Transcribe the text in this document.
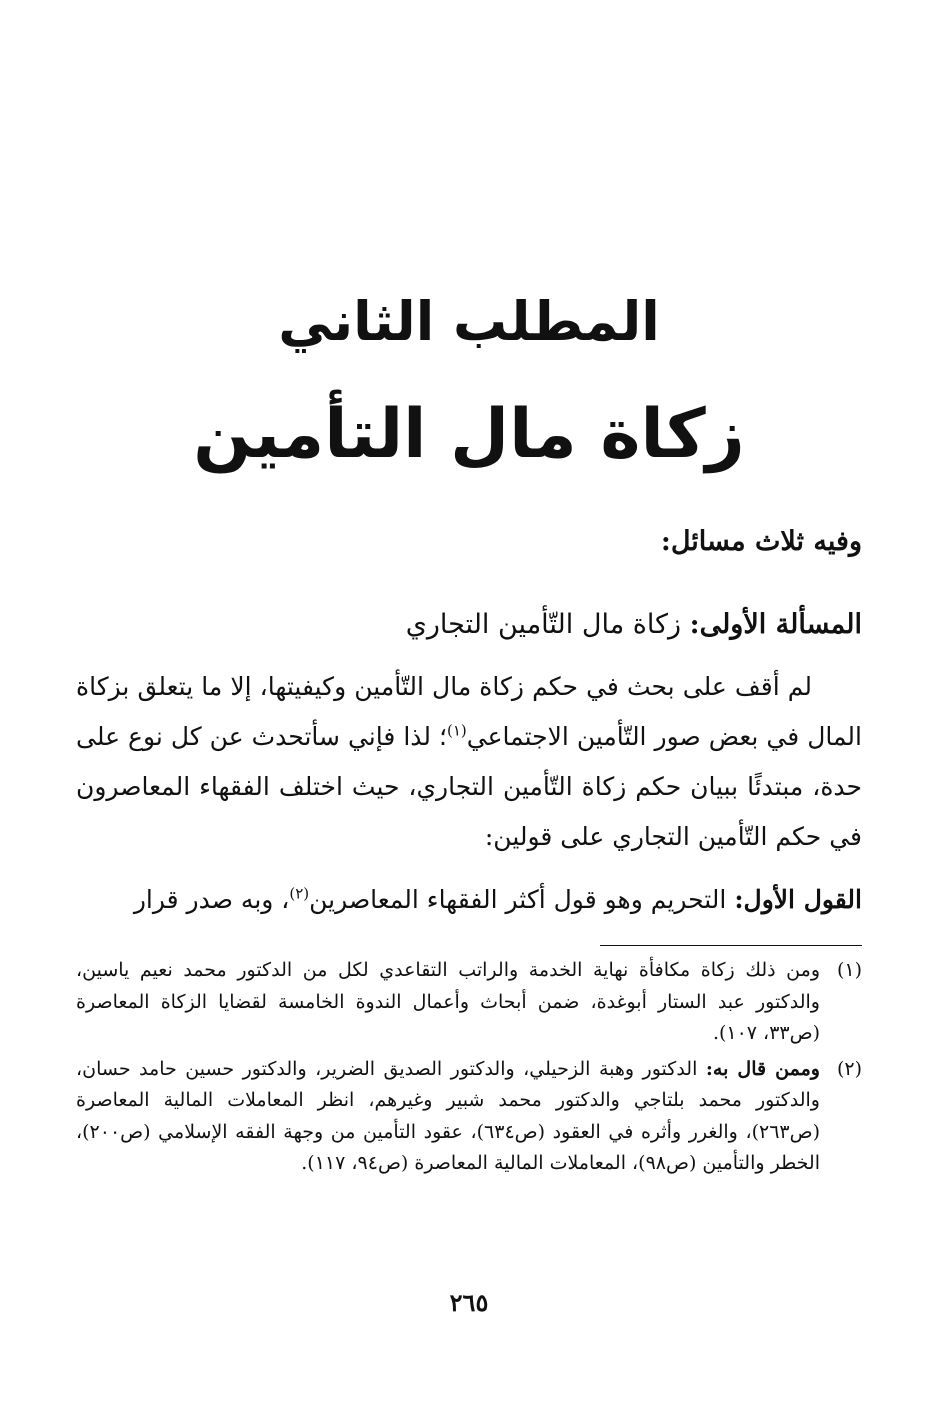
المطلب الثاني
زكاة مال التأمين
وفيه ثلاث مسائل:
المسألة الأولى: زكاة مال التّأمين التجاري
لم أقف على بحث في حكم زكاة مال التّأمين وكيفيتها، إلا ما يتعلق بزكاة المال في بعض صور التّأمين الاجتماعي$^{(١)}$؛ لذا فإني سأتحدث عن كل نوع على حدة، مبتدئًا ببيان حكم زكاة التّأمين التجاري، حيث اختلف الفقهاء المعاصرون في حكم التّأمين التجاري على قولين:
القول الأول: التحريم وهو قول أكثر الفقهاء المعاصرين$^{(٢)}$، وبه صدر قرار
(١)
ومن ذلك زكاة مكافأة نهاية الخدمة والراتب التقاعدي لكل من الدكتور محمد نعيم ياسين، والدكتور عبد الستار أبوغدة، ضمن أبحاث وأعمال الندوة الخامسة لقضايا الزكاة المعاصرة (ص٣٣، ١٠٧).
(٢)
وممن قال به: الدكتور وهبة الزحيلي، والدكتور الصديق الضرير، والدكتور حسين حامد حسان، والدكتور محمد بلتاجي والدكتور محمد شبير وغيرهم، انظر المعاملات المالية المعاصرة (ص٢٦٣)، والغرر وأثره في العقود (ص٦٣٤)، عقود التأمين من وجهة الفقه الإسلامي (ص٢٠٠)، الخطر والتأمين (ص٩٨)، المعاملات المالية المعاصرة (ص٩٤، ١١٧).
٢٦٥
